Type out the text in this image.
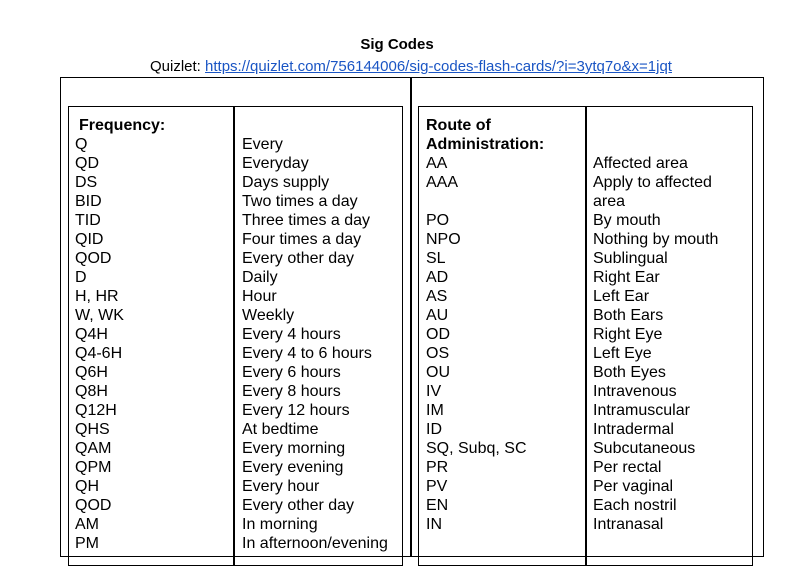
Sig Codes
Quizlet: https://quizlet.com/756144006/sig-codes-flash-cards/?i=3ytq7o&x=1jqt
Frequency:
Q
QD
DS
BID
TID
QID
QOD
D
H, HR
W, WK
Q4H
Q4-6H
Q6H
Q8H
Q12H
QHS
QAM
QPM
QH
QOD
AM
PM
Every
Everyday
Days supply
Two times a day
Three times a day
Four times a day
Every other day
Daily
Hour
Weekly
Every 4 hours
Every 4 to 6 hours
Every 6 hours
Every 8 hours
Every 12 hours
At bedtime
Every morning
Every evening
Every hour
Every other day
In morning
In afternoon/evening
Route of
Administration:
AA
AAA
PO
NPO
SL
AD
AS
AU
OD
OS
OU
IV
IM
ID
SQ, Subq, SC
PR
PV
EN
IN
Affected area
Apply to affected
area
By mouth
Nothing by mouth
Sublingual
Right Ear
Left Ear
Both Ears
Right Eye
Left Eye
Both Eyes
Intravenous
Intramuscular
Intradermal
Subcutaneous
Per rectal
Per vaginal
Each nostril
Intranasal
